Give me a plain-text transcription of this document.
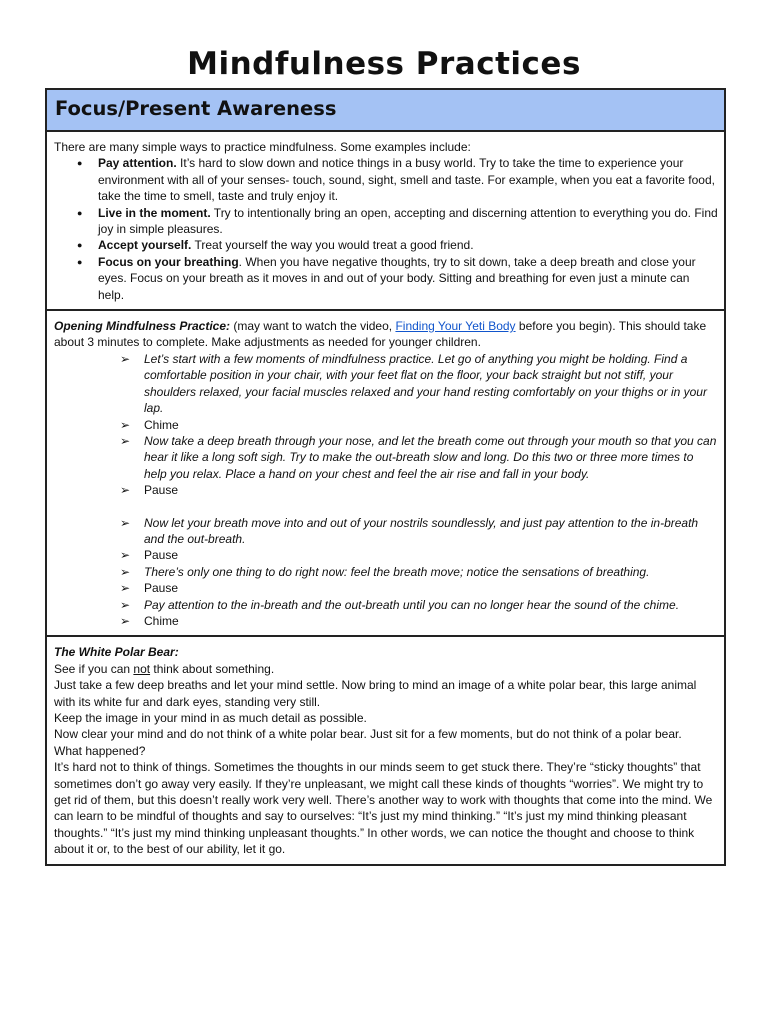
Mindfulness Practices
Focus/Present Awareness

There are many simple ways to practice mindfulness. Some examples include:

● Pay attention. It’s hard to slow down and notice things in a busy world. Try to take the time to experience your environment with all of your senses- touch, sound, sight, smell and taste. For example, when you eat a favorite food, take the time to smell, taste and truly enjoy it.
● Live in the moment. Try to intentionally bring an open, accepting and discerning attention to everything you do. Find joy in simple pleasures.
● Accept yourself. Treat yourself the way you would treat a good friend.
● Focus on your breathing. When you have negative thoughts, try to sit down, take a deep breath and close your eyes. Focus on your breath as it moves in and out of your body. Sitting and breathing for even just a minute can help.

Opening Mindfulness Practice: (may want to watch the video, Finding Your Yeti Body before you begin). This should take about 3 minutes to complete. Make adjustments as needed for younger children.

➢ Let’s start with a few moments of mindfulness practice. Let go of anything you might be holding. Find a comfortable position in your chair, with your feet flat on the floor, your back straight but not stiff, your shoulders relaxed, your facial muscles relaxed and your hand resting comfortably on your thighs or in your lap.
➢ Chime
➢ Now take a deep breath through your nose, and let the breath come out through your mouth so that you can hear it like a long soft sigh. Try to make the out-breath slow and long. Do this two or three more times to help you relax. Place a hand on your chest and feel the air rise and fall in your body.
➢ Pause
➢ Now let your breath move into and out of your nostrils soundlessly, and just pay attention to the in-breath and the out-breath.
➢ Pause
➢ There’s only one thing to do right now: feel the breath move; notice the sensations of breathing.
➢ Pause
➢ Pay attention to the in-breath and the out-breath until you can no longer hear the sound of the chime.
➢ Chime

The White Polar Bear:

See if you can not think about something.

Just take a few deep breaths and let your mind settle. Now bring to mind an image of a white polar bear, this large animal with its white fur and dark eyes, standing very still.

Keep the image in your mind in as much detail as possible.

Now clear your mind and do not think of a white polar bear. Just sit for a few moments, but do not think of a polar bear.

What happened?

It’s hard not to think of things. Sometimes the thoughts in our minds seem to get stuck there. They’re “sticky thoughts” that sometimes don’t go away very easily. If they’re unpleasant, we might call these kinds of thoughts “worries”. We might try to get rid of them, but this doesn’t really work very well. There’s another way to work with thoughts that come into the mind. We can learn to be mindful of thoughts and say to ourselves: “It’s just my mind thinking.” “It’s just my mind thinking pleasant thoughts.” “It’s just my mind thinking unpleasant thoughts.” In other words, we can notice the thought and choose to think about it or, to the best of our ability, let it go.
